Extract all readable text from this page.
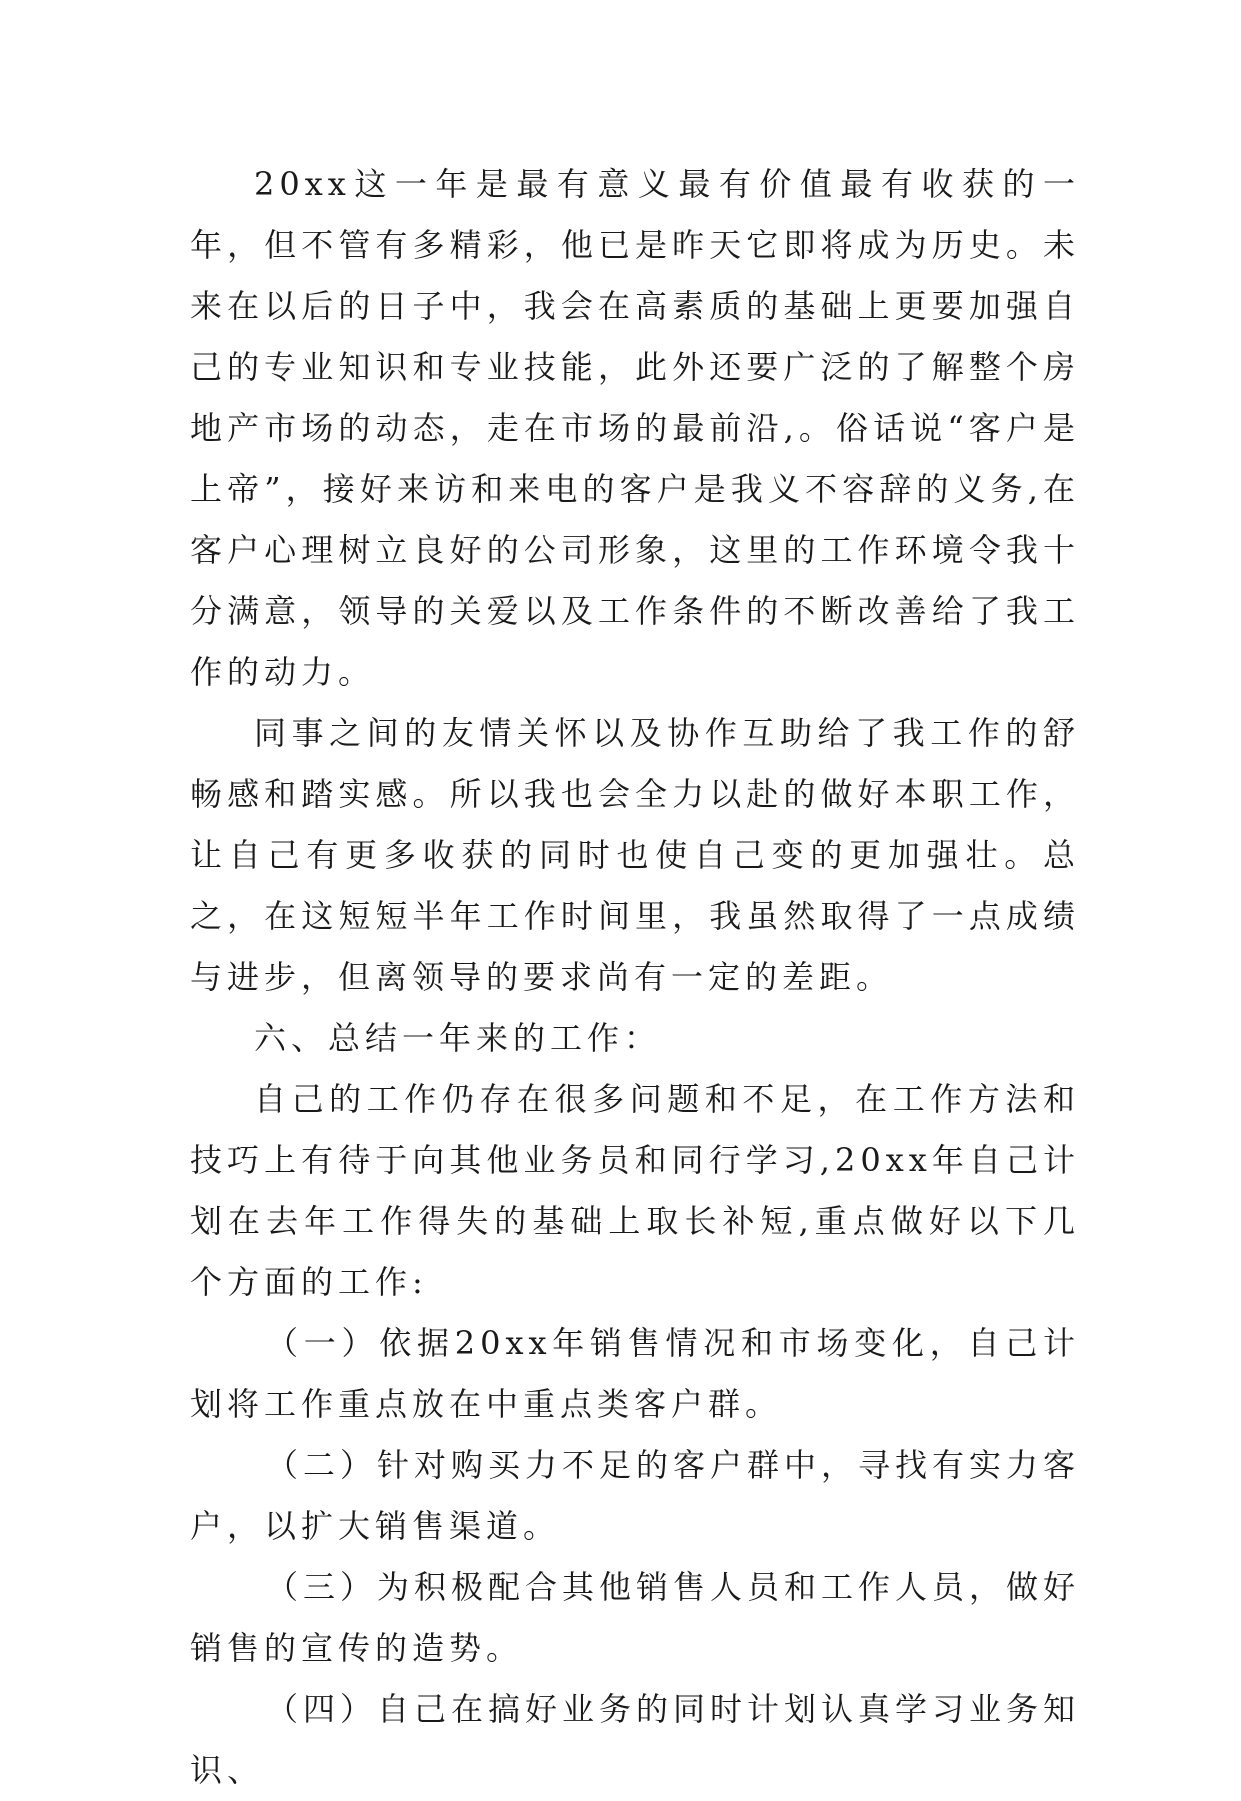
20xx这一年是最有意义最有价值最有收获的一年，但不管有多精彩，他已是昨天它即将成为历史。未来在以后的日子中，我会在高素质的基础上更要加强自己的专业知识和专业技能，此外还要广泛的了解整个房地产市场的动态，走在市场的最前沿,。俗话说“客户是上帝”，接好来访和来电的客户是我义不容辞的义务,在客户心理树立良好的公司形象，这里的工作环境令我十分满意，领导的关爱以及工作条件的不断改善给了我工作的动力。

同事之间的友情关怀以及协作互助给了我工作的舒畅感和踏实感。所以我也会全力以赴的做好本职工作，让自己有更多收获的同时也使自己变的更加强壮。总之，在这短短半年工作时间里，我虽然取得了一点成绩与进步，但离领导的要求尚有一定的差距。

六、总结一年来的工作：

自己的工作仍存在很多问题和不足，在工作方法和技巧上有待于向其他业务员和同行学习,20xx年自己计划在去年工作得失的基础上取长补短,重点做好以下几个方面的工作:

（一）依据20xx年销售情况和市场变化，自己计划将工作重点放在中重点类客户群。

（二）针对购买力不足的客户群中，寻找有实力客户，以扩大销售渠道。

（三）为积极配合其他销售人员和工作人员，做好销售的宣传的造势。

（四）自己在搞好业务的同时计划认真学习业务知识、
